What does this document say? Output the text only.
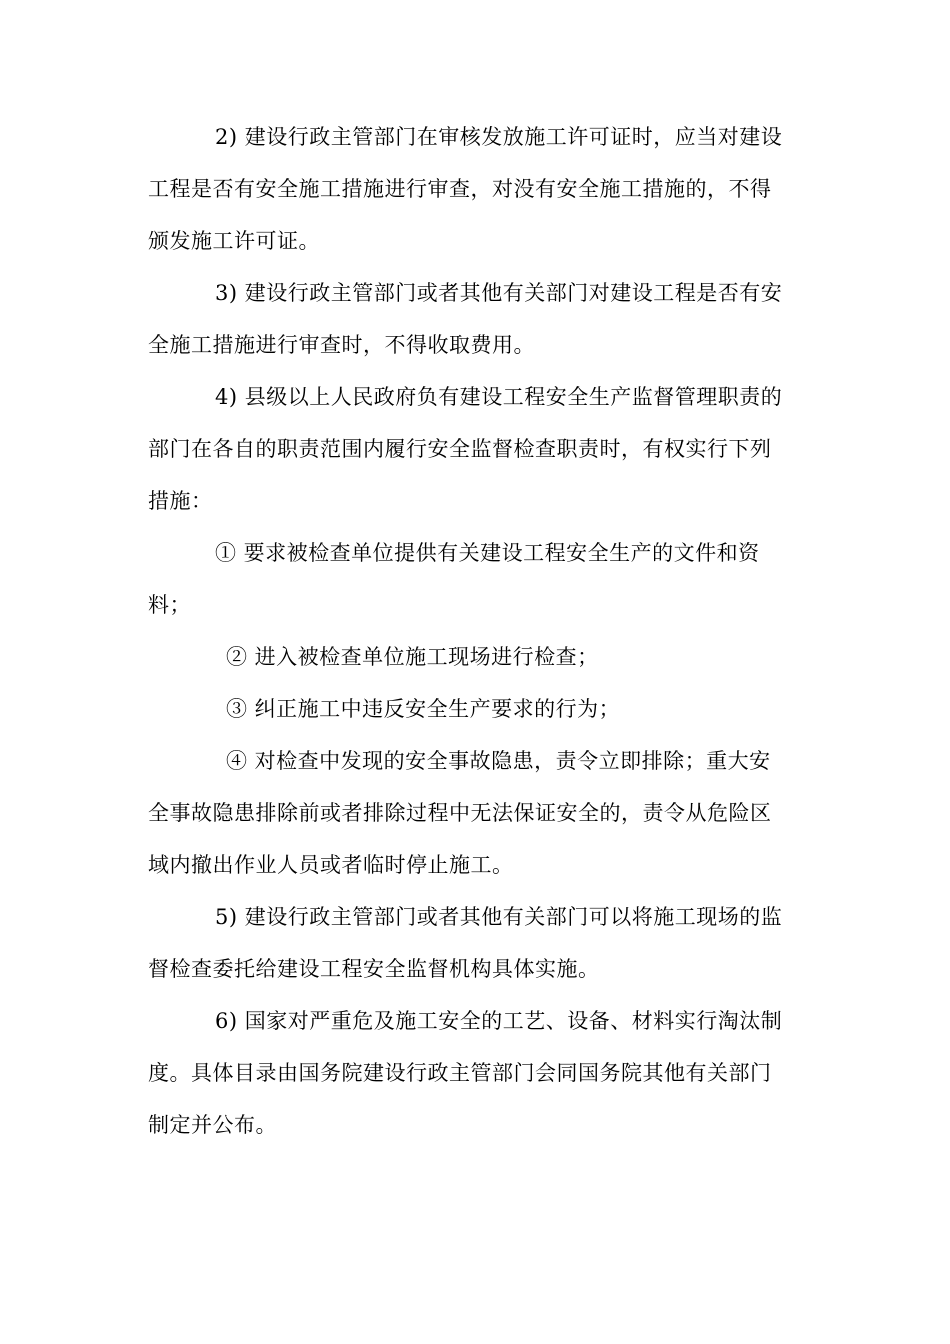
2) 建设行政主管部门在审核发放施工许可证时，应当对建设
工程是否有安全施工措施进行审查，对没有安全施工措施的，不得
颁发施工许可证。
3) 建设行政主管部门或者其他有关部门对建设工程是否有安
全施工措施进行审查时，不得收取费用。
4) 县级以上人民政府负有建设工程安全生产监督管理职责的
部门在各自的职责范围内履行安全监督检查职责时，有权实行下列
措施：
① 要求被检查单位提供有关建设工程安全生产的文件和资
料；
② 进入被检查单位施工现场进行检查；
③ 纠正施工中违反安全生产要求的行为；
④ 对检查中发现的安全事故隐患，责令立即排除；重大安
全事故隐患排除前或者排除过程中无法保证安全的，责令从危险区
域内撤出作业人员或者临时停止施工。
5) 建设行政主管部门或者其他有关部门可以将施工现场的监
督检查委托给建设工程安全监督机构具体实施。
6) 国家对严重危及施工安全的工艺、设备、材料实行淘汰制
度。具体目录由国务院建设行政主管部门会同国务院其他有关部门
制定并公布。
